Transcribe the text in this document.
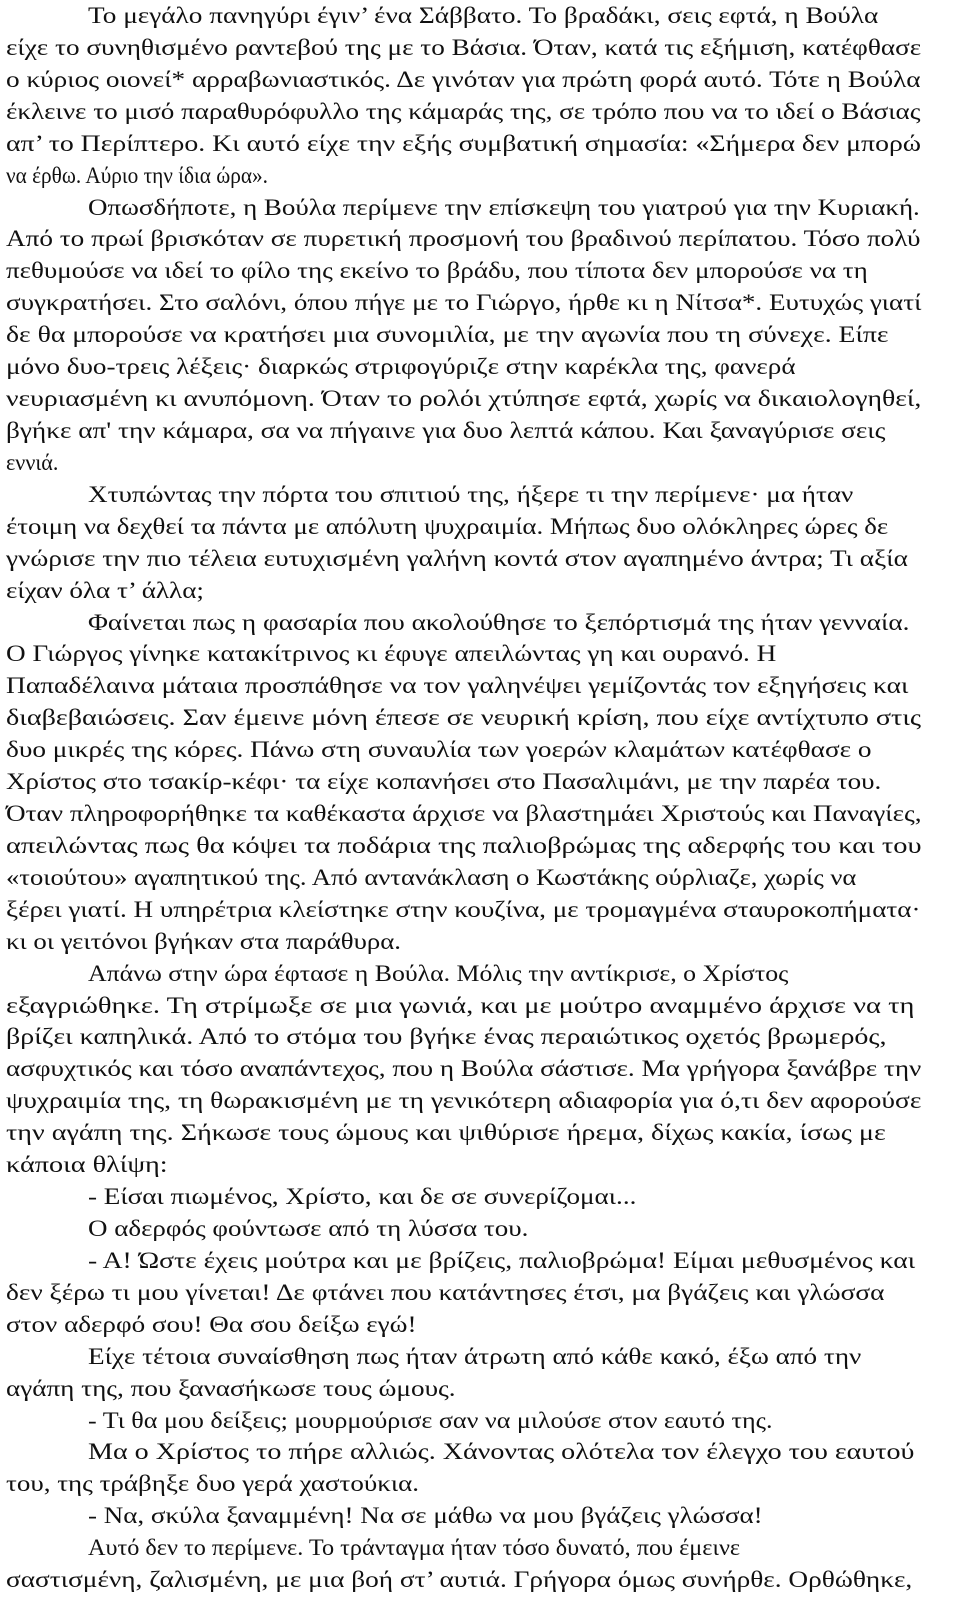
Το μεγάλο πανηγύρι έγιν’ ένα Σάββατο. Το βραδάκι, σεις εφτά, η Βούλα
είχε το συνηθισμένο ραντεβού της με το Βάσια. Όταν, κατά τις εξήμιση, κατέφθασε
ο κύριος οιονεί* αρραβωνιαστικός. Δε γινόταν για πρώτη φορά αυτό. Τότε η Βούλα
έκλεινε το μισό παραθυρόφυλλο της κάμαράς της, σε τρόπο που να το ιδεί ο Βάσιας
απ’ το Περίπτερο. Κι αυτό είχε την εξής συμβατική σημασία: «Σήμερα δεν μπορώ
να έρθω. Αύριο την ίδια ώρα».
Οπωσδήποτε, η Βούλα περίμενε την επίσκεψη του γιατρού για την Κυριακή.
Από το πρωί βρισκόταν σε πυρετική προσμονή του βραδινού περίπατου. Τόσο πολύ
πεθυμούσε να ιδεί το φίλο της εκείνο το βράδυ, που τίποτα δεν μπορούσε να τη
συγκρατήσει. Στο σαλόνι, όπου πήγε με το Γιώργο, ήρθε κι η Νίτσα*. Ευτυχώς γιατί
δε θα μπορούσε να κρατήσει μια συνομιλία, με την αγωνία που τη σύνεχε. Είπε
μόνο δυο-τρεις λέξεις· διαρκώς στριφογύριζε στην καρέκλα της, φανερά
νευριασμένη κι ανυπόμονη. Όταν το ρολόι χτύπησε εφτά, χωρίς να δικαιολογηθεί,
βγήκε απ' την κάμαρα, σα να πήγαινε για δυο λεπτά κάπου. Και ξαναγύρισε σεις
εννιά.
Χτυπώντας την πόρτα του σπιτιού της, ήξερε τι την περίμενε· μα ήταν
έτοιμη να δεχθεί τα πάντα με απόλυτη ψυχραιμία. Μήπως δυο ολόκληρες ώρες δε
γνώρισε την πιο τέλεια ευτυχισμένη γαλήνη κοντά στον αγαπημένο άντρα; Τι αξία
είχαν όλα τ’ άλλα;
Φαίνεται πως η φασαρία που ακολούθησε το ξεπόρτισμά της ήταν γενναία.
Ο Γιώργος γίνηκε κατακίτρινος κι έφυγε απειλώντας γη και ουρανό. Η
Παπαδέλαινα μάταια προσπάθησε να τον γαληνέψει γεμίζοντάς τον εξηγήσεις και
διαβεβαιώσεις. Σαν έμεινε μόνη έπεσε σε νευρική κρίση, που είχε αντίχτυπο στις
δυο μικρές της κόρες. Πάνω στη συναυλία των γοερών κλαμάτων κατέφθασε ο
Χρίστος στο τσακίρ-κέφι· τα είχε κοπανήσει στο Πασαλιμάνι, με την παρέα του.
Όταν πληροφορήθηκε τα καθέκαστα άρχισε να βλαστημάει Χριστούς και Παναγίες,
απειλώντας πως θα κόψει τα ποδάρια της παλιοβρώμας της αδερφής του και του
«τοιούτου» αγαπητικού της. Από αντανάκλαση ο Κωστάκης ούρλιαζε, χωρίς να
ξέρει γιατί. Η υπηρέτρια κλείστηκε στην κουζίνα, με τρομαγμένα σταυροκοπήματα·
κι οι γειτόνοι βγήκαν στα παράθυρα.
Απάνω στην ώρα έφτασε η Βούλα. Μόλις την αντίκρισε, ο Χρίστος
εξαγριώθηκε. Τη στρίμωξε σε μια γωνιά, και με μούτρο αναμμένο άρχισε να τη
βρίζει καπηλικά. Από το στόμα του βγήκε ένας περαιώτικος οχετός βρωμερός,
ασφυχτικός και τόσο αναπάντεχος, που η Βούλα σάστισε. Μα γρήγορα ξανάβρε την
ψυχραιμία της, τη θωρακισμένη με τη γενικότερη αδιαφορία για ό,τι δεν αφορούσε
την αγάπη της. Σήκωσε τους ώμους και ψιθύρισε ήρεμα, δίχως κακία, ίσως με
κάποια θλίψη:
- Είσαι πιωμένος, Χρίστο, και δε σε συνερίζομαι...
Ο αδερφός φούντωσε από τη λύσσα του.
- Α! Ώστε έχεις μούτρα και με βρίζεις, παλιοβρώμα! Είμαι μεθυσμένος και
δεν ξέρω τι μου γίνεται! Δε φτάνει που κατάντησες έτσι, μα βγάζεις και γλώσσα
στον αδερφό σου! Θα σου δείξω εγώ!
Είχε τέτοια συναίσθηση πως ήταν άτρωτη από κάθε κακό, έξω από την
αγάπη της, που ξανασήκωσε τους ώμους.
- Τι θα μου δείξεις; μουρμούρισε σαν να μιλούσε στον εαυτό της.
Μα ο Χρίστος το πήρε αλλιώς. Χάνοντας ολότελα τον έλεγχο του εαυτού
του, της τράβηξε δυο γερά χαστούκια.
- Να, σκύλα ξαναμμένη! Να σε μάθω να μου βγάζεις γλώσσα!
Αυτό δεν το περίμενε. Το τράνταγμα ήταν τόσο δυνατό, που έμεινε
σαστισμένη, ζαλισμένη, με μια βοή στ’ αυτιά. Γρήγορα όμως συνήρθε. Ορθώθηκε,
